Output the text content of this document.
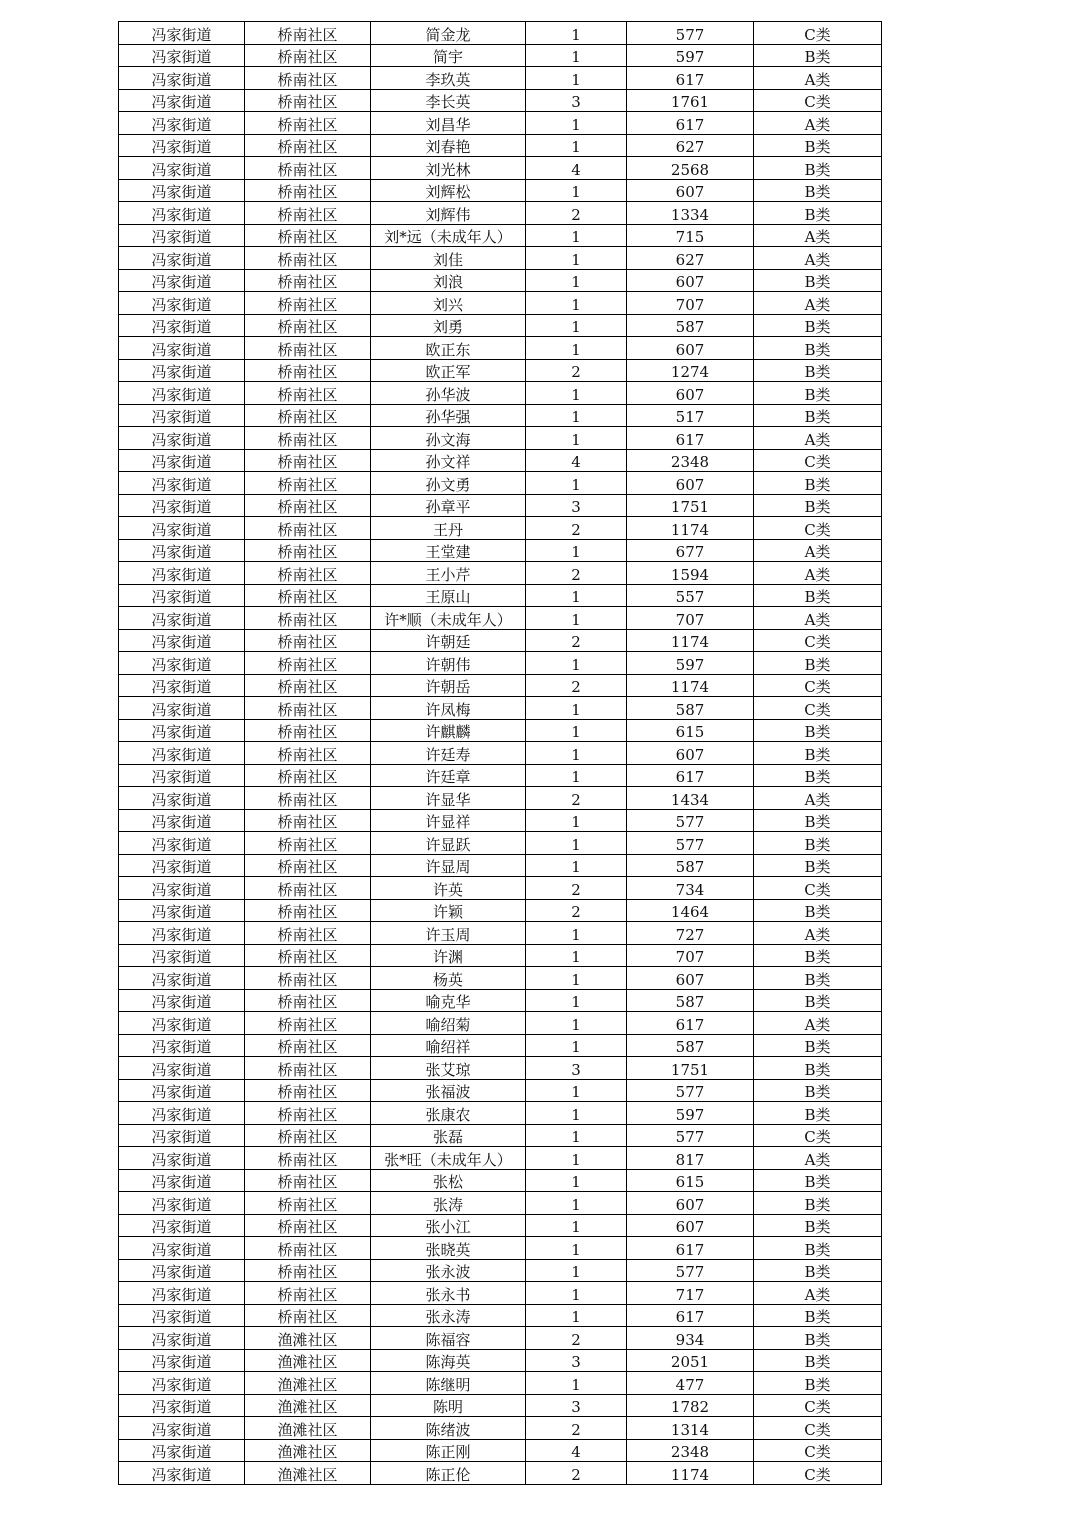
冯家街道	桥南社区	简金龙	1	577	C类
冯家街道	桥南社区	简宇	1	597	B类
冯家街道	桥南社区	李玖英	1	617	A类
冯家街道	桥南社区	李长英	3	1761	C类
冯家街道	桥南社区	刘昌华	1	617	A类
冯家街道	桥南社区	刘春艳	1	627	B类
冯家街道	桥南社区	刘光林	4	2568	B类
冯家街道	桥南社区	刘辉松	1	607	B类
冯家街道	桥南社区	刘辉伟	2	1334	B类
冯家街道	桥南社区	刘*远（未成年人）	1	715	A类
冯家街道	桥南社区	刘佳	1	627	A类
冯家街道	桥南社区	刘浪	1	607	B类
冯家街道	桥南社区	刘兴	1	707	A类
冯家街道	桥南社区	刘勇	1	587	B类
冯家街道	桥南社区	欧正东	1	607	B类
冯家街道	桥南社区	欧正军	2	1274	B类
冯家街道	桥南社区	孙华波	1	607	B类
冯家街道	桥南社区	孙华强	1	517	B类
冯家街道	桥南社区	孙文海	1	617	A类
冯家街道	桥南社区	孙文祥	4	2348	C类
冯家街道	桥南社区	孙文勇	1	607	B类
冯家街道	桥南社区	孙章平	3	1751	B类
冯家街道	桥南社区	王丹	2	1174	C类
冯家街道	桥南社区	王堂建	1	677	A类
冯家街道	桥南社区	王小芹	2	1594	A类
冯家街道	桥南社区	王原山	1	557	B类
冯家街道	桥南社区	许*顺（未成年人）	1	707	A类
冯家街道	桥南社区	许朝廷	2	1174	C类
冯家街道	桥南社区	许朝伟	1	597	B类
冯家街道	桥南社区	许朝岳	2	1174	C类
冯家街道	桥南社区	许凤梅	1	587	C类
冯家街道	桥南社区	许麒麟	1	615	B类
冯家街道	桥南社区	许廷寿	1	607	B类
冯家街道	桥南社区	许廷章	1	617	B类
冯家街道	桥南社区	许显华	2	1434	A类
冯家街道	桥南社区	许显祥	1	577	B类
冯家街道	桥南社区	许显跃	1	577	B类
冯家街道	桥南社区	许显周	1	587	B类
冯家街道	桥南社区	许英	2	734	C类
冯家街道	桥南社区	许颖	2	1464	B类
冯家街道	桥南社区	许玉周	1	727	A类
冯家街道	桥南社区	许渊	1	707	B类
冯家街道	桥南社区	杨英	1	607	B类
冯家街道	桥南社区	喻克华	1	587	B类
冯家街道	桥南社区	喻绍菊	1	617	A类
冯家街道	桥南社区	喻绍祥	1	587	B类
冯家街道	桥南社区	张艾琼	3	1751	B类
冯家街道	桥南社区	张福波	1	577	B类
冯家街道	桥南社区	张康农	1	597	B类
冯家街道	桥南社区	张磊	1	577	C类
冯家街道	桥南社区	张*旺（未成年人）	1	817	A类
冯家街道	桥南社区	张松	1	615	B类
冯家街道	桥南社区	张涛	1	607	B类
冯家街道	桥南社区	张小江	1	607	B类
冯家街道	桥南社区	张晓英	1	617	B类
冯家街道	桥南社区	张永波	1	577	B类
冯家街道	桥南社区	张永书	1	717	A类
冯家街道	桥南社区	张永涛	1	617	B类
冯家街道	渔滩社区	陈福容	2	934	B类
冯家街道	渔滩社区	陈海英	3	2051	B类
冯家街道	渔滩社区	陈继明	1	477	B类
冯家街道	渔滩社区	陈明	3	1782	C类
冯家街道	渔滩社区	陈绪波	2	1314	C类
冯家街道	渔滩社区	陈正刚	4	2348	C类
冯家街道	渔滩社区	陈正伦	2	1174	C类
